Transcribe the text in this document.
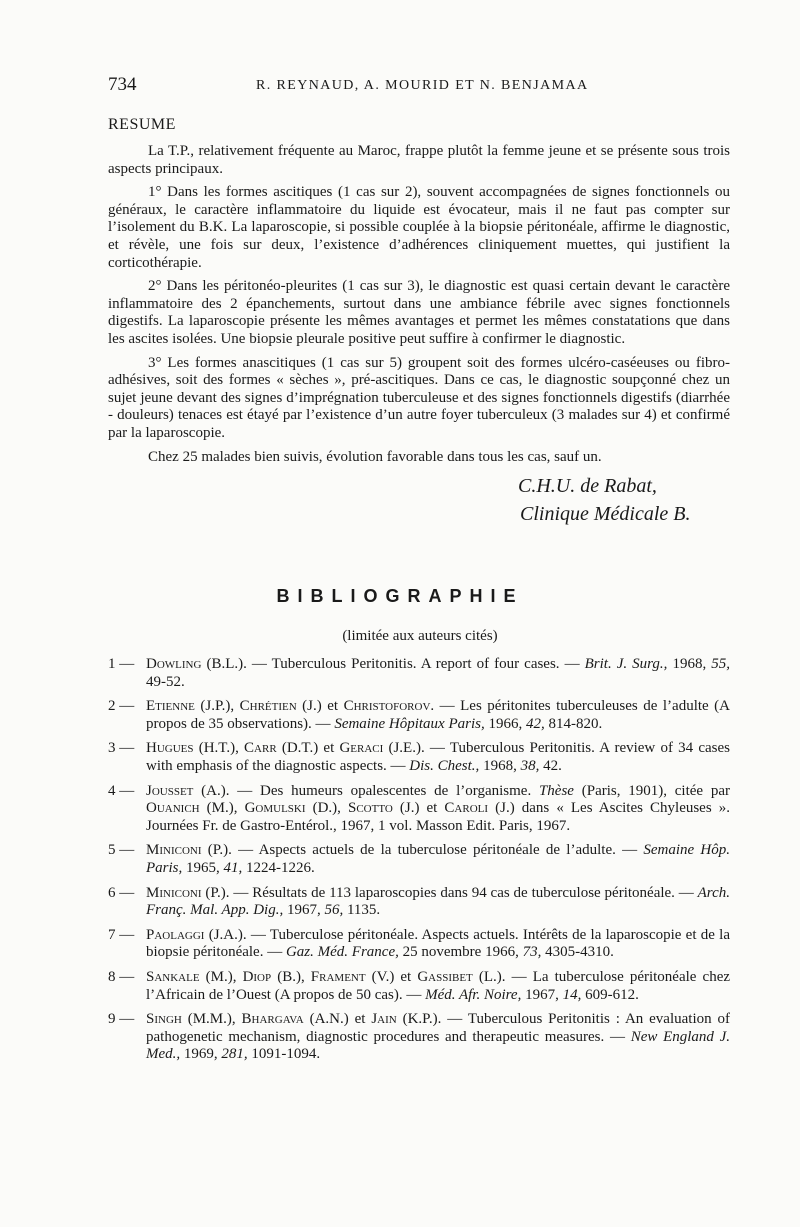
734	R. REYNAUD, A. MOURID ET N. BENJAMAA
RESUME

La T.P., relativement fréquente au Maroc, frappe plutôt la femme jeune et se présente sous trois aspects principaux.

1° Dans les formes ascitiques (1 cas sur 2), souvent accompagnées de signes fonctionnels ou généraux, le caractère inflammatoire du liquide est évocateur, mais il ne faut pas compter sur l’isolement du B.K. La laparoscopie, si possible couplée à la biopsie péritonéale, affirme le diagnostic, et révèle, une fois sur deux, l’existence d’adhérences cliniquement muettes, qui justifient la corticothérapie.

2° Dans les péritonéo-pleurites (1 cas sur 3), le diagnostic est quasi certain devant le caractère inflammatoire des 2 épanchements, surtout dans une ambiance fébrile avec signes fonctionnels digestifs. La laparoscopie présente les mêmes avantages et permet les mêmes constatations que dans les ascites isolées. Une biopsie pleurale positive peut suffire à confirmer le diagnostic.

3° Les formes anascitiques (1 cas sur 5) groupent soit des formes ulcéro-caséeuses ou fibro-adhésives, soit des formes « sèches », pré-ascitiques. Dans ce cas, le diagnostic soupçonné chez un sujet jeune devant des signes d’imprégnation tuberculeuse et des signes fonctionnels digestifs (diarrhée - douleurs) tenaces est étayé par l’existence d’un autre foyer tuberculeux (3 malades sur 4) et confirmé par la laparoscopie.

Chez 25 malades bien suivis, évolution favorable dans tous les cas, sauf un.

C.H.U. de Rabat,
Clinique Médicale B.
BIBLIOGRAPHIE
(limitée aux auteurs cités)
1 — Dowling (B.L.). — Tuberculous Peritonitis. A report of four cases. — Brit. J. Surg., 1968, 55, 49-52.
2 — Etienne (J.P.), Chrétien (J.) et Christoforov. — Les péritonites tuberculeuses de l’adulte (A propos de 35 observations). — Semaine Hôpitaux Paris, 1966, 42, 814-820.
3 — Hugues (H.T.), Carr (D.T.) et Geraci (J.E.). — Tuberculous Peritonitis. A review of 34 cases with emphasis of the diagnostic aspects. — Dis. Chest., 1968, 38, 42.
4 — Jousset (A.). — Des humeurs opalescentes de l’organisme. Thèse (Paris, 1901), citée par Ouanich (M.), Gomulski (D.), Scotto (J.) et Caroli (J.) dans « Les Ascites Chyleuses ». Journées Fr. de Gastro-Entérol., 1967, 1 vol. Masson Edit. Paris, 1967.
5 — Miniconi (P.). — Aspects actuels de la tuberculose péritonéale de l’adulte. — Semaine Hôp. Paris, 1965, 41, 1224-1226.
6 — Miniconi (P.). — Résultats de 113 laparoscopies dans 94 cas de tuberculose péritonéale. — Arch. Franç. Mal. App. Dig., 1967, 56, 1135.
7 — Paolaggi (J.A.). — Tuberculose péritonéale. Aspects actuels. Intérêts de la laparoscopie et de la biopsie péritonéale. — Gaz. Méd. France, 25 novembre 1966, 73, 4305-4310.
8 — Sankale (M.), Diop (B.), Frament (V.) et Gassibet (L.). — La tuberculose péritonéale chez l’Africain de l’Ouest (A propos de 50 cas). — Méd. Afr. Noire, 1967, 14, 609-612.
9 — Singh (M.M.), Bhargava (A.N.) et Jain (K.P.). — Tuberculous Peritonitis : An evaluation of pathogenetic mechanism, diagnostic procedures and therapeutic measures. — New England J. Med., 1969, 281, 1091-1094.
